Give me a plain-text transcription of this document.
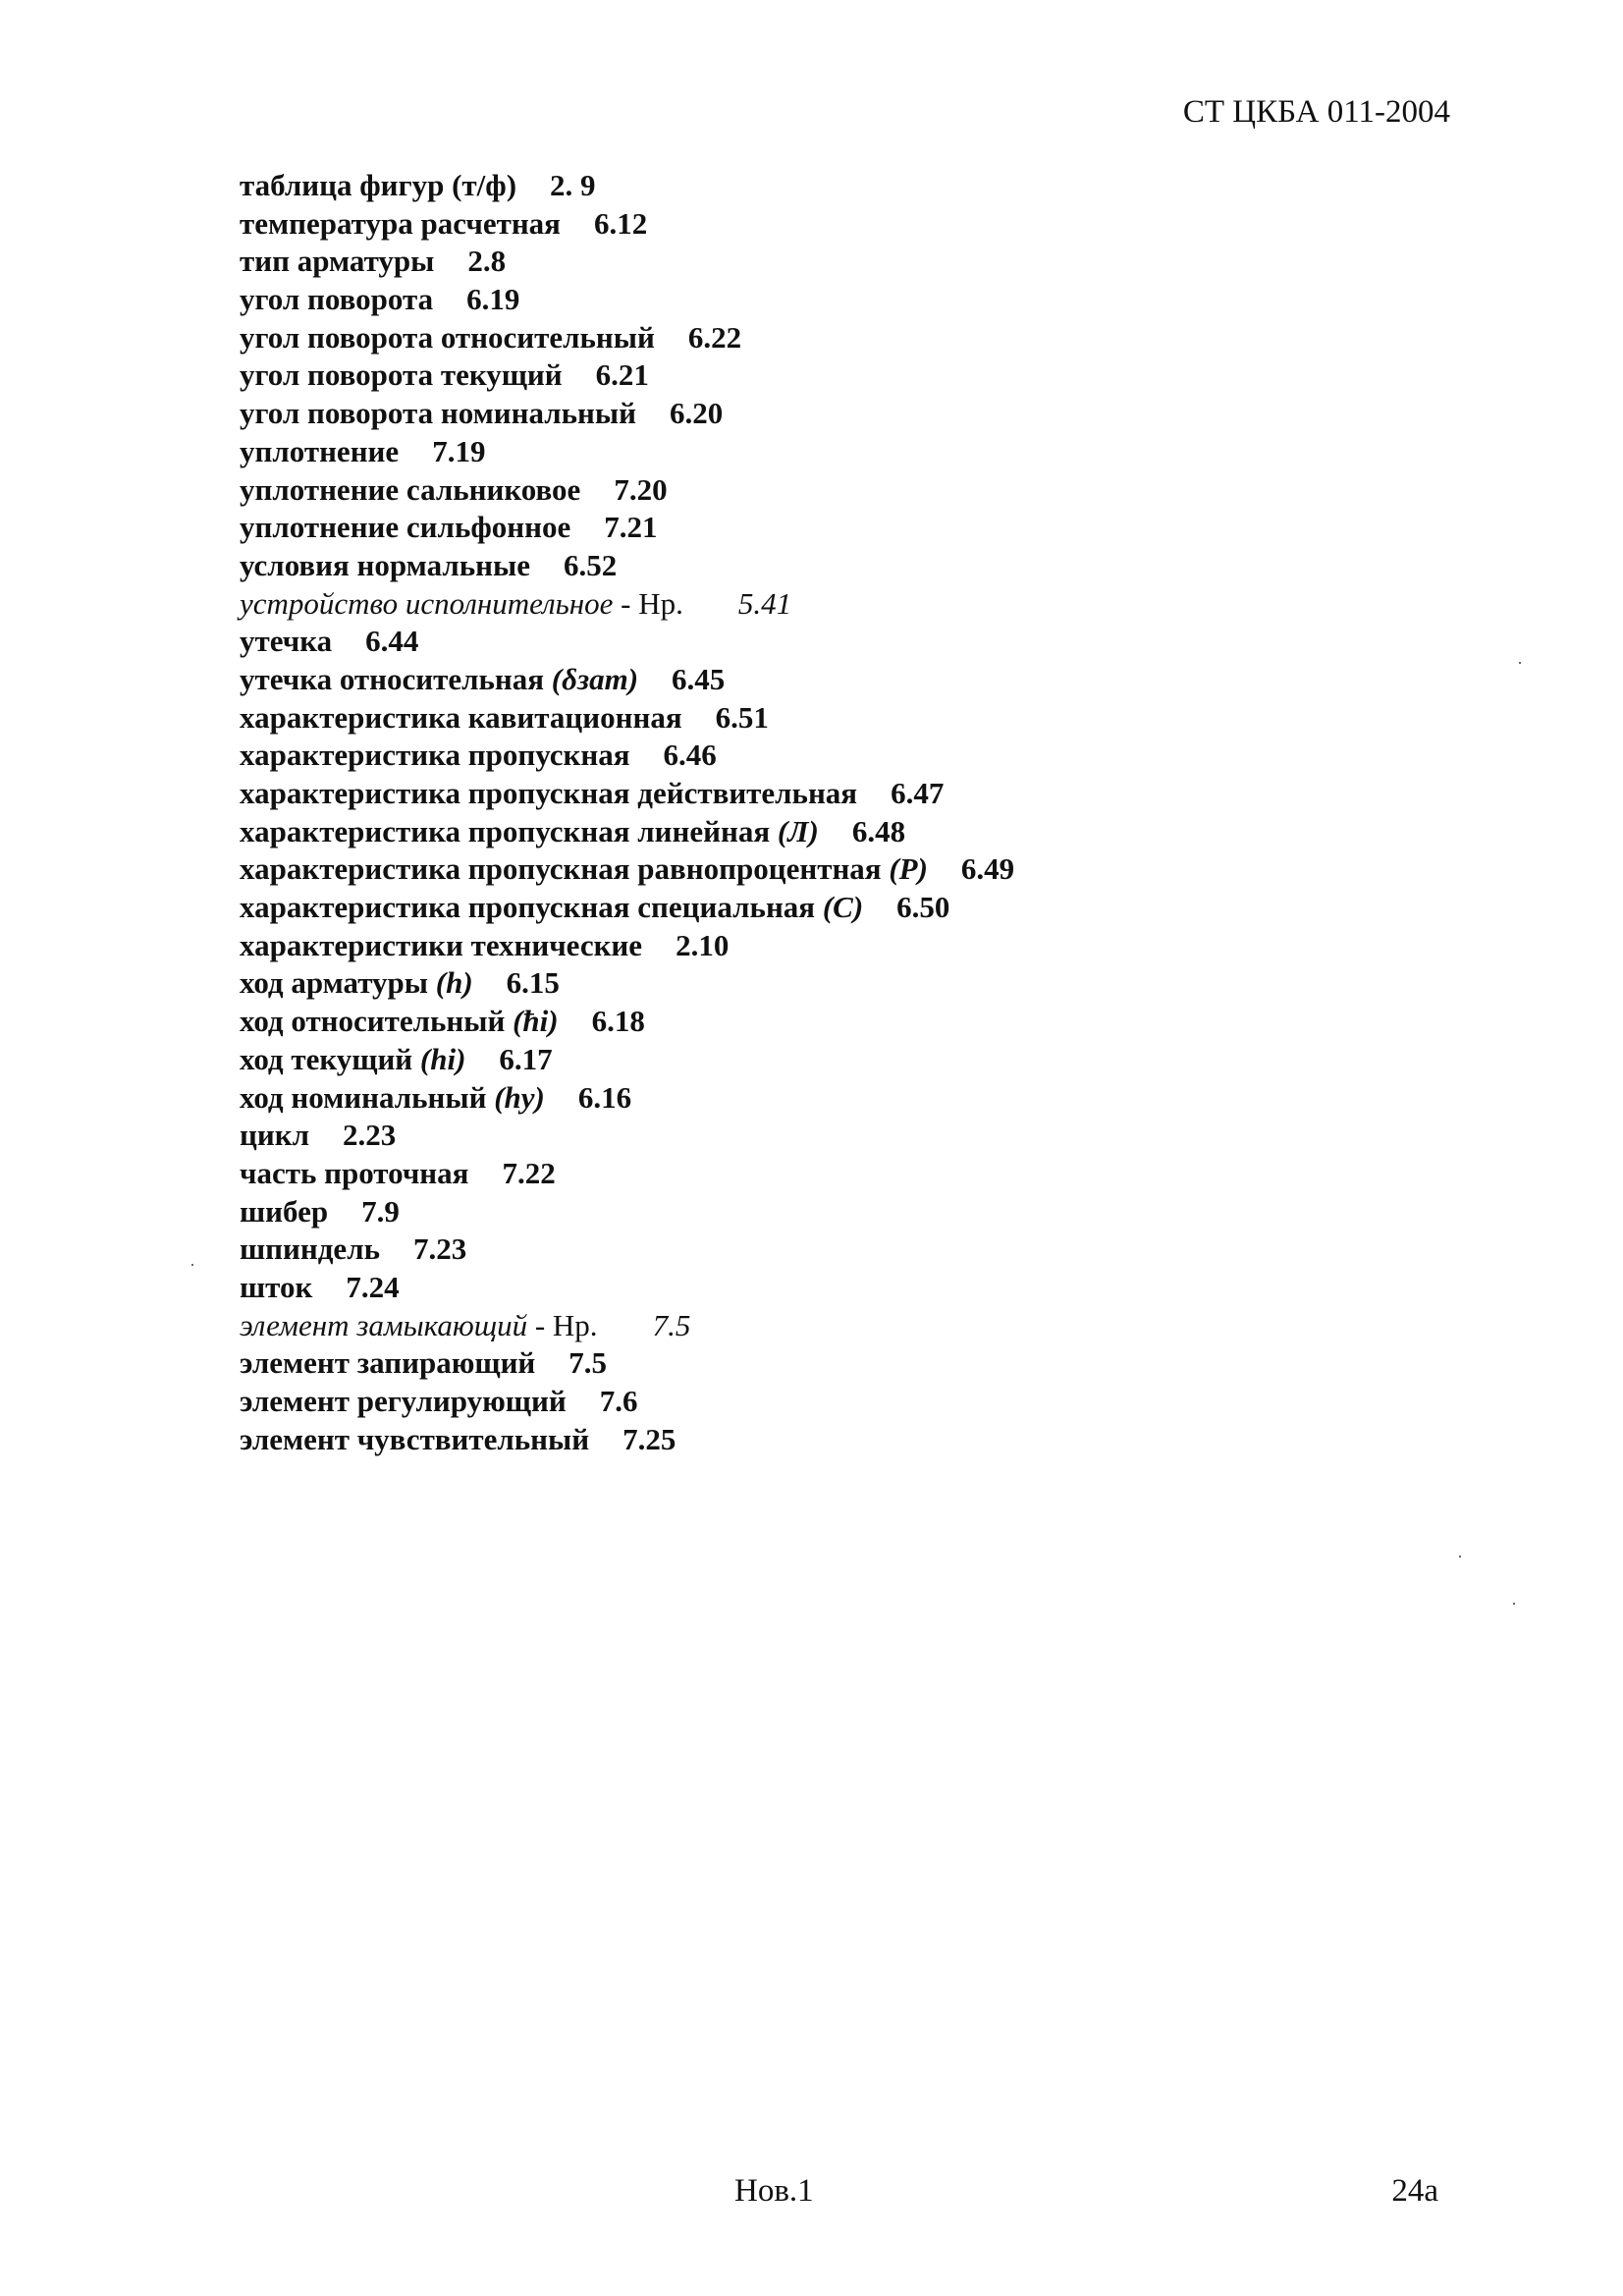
СТ ЦКБА 011-2004
таблица фигур (т/ф) 2. 9
температура расчетная 6.12
тип арматуры 2.8
угол поворота 6.19
угол поворота относительный 6.22
угол поворота текущий 6.21
угол поворота номинальный 6.20
уплотнение 7.19
уплотнение сальниковое 7.20
уплотнение сильфонное 7.21
условия нормальные 6.52
устройство исполнительное - Нр. 5.41
утечка 6.44
утечка относительная (δзат) 6.45
характеристика кавитационная 6.51
характеристика пропускная 6.46
характеристика пропускная действительная 6.47
характеристика пропускная линейная (Л) 6.48
характеристика пропускная равнопроцентная (Р) 6.49
характеристика пропускная специальная (С) 6.50
характеристики технические 2.10
ход арматуры (h) 6.15
ход относительный (ħi) 6.18
ход текущий (hi) 6.17
ход номинальный (hy) 6.16
цикл 2.23
часть проточная 7.22
шибер 7.9
шпиндель 7.23
шток 7.24
элемент замыкающий - Нр. 7.5
элемент запирающий 7.5
элемент регулирующий 7.6
элемент чувствительный 7.25
Нов.1	24а
